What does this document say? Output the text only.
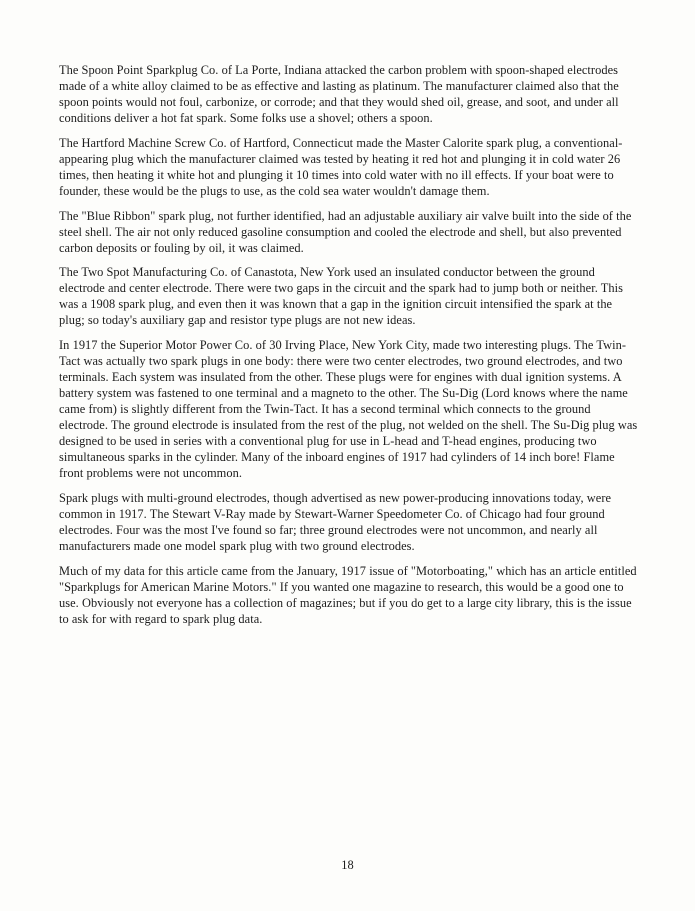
The Spoon Point Sparkplug Co. of La Porte, Indiana attacked the carbon problem with spoon-shaped electrodes made of a white alloy claimed to be as effective and lasting as platinum. The manufacturer claimed also that the spoon points would not foul, carbonize, or corrode; and that they would shed oil, grease, and soot, and under all conditions deliver a hot fat spark. Some folks use a shovel; others a spoon.

The Hartford Machine Screw Co. of Hartford, Connecticut made the Master Calorite spark plug, a conventional-appearing plug which the manufacturer claimed was tested by heating it red hot and plunging it in cold water 26 times, then heating it white hot and plunging it 10 times into cold water with no ill effects. If your boat were to founder, these would be the plugs to use, as the cold sea water wouldn't damage them.

The "Blue Ribbon" spark plug, not further identified, had an adjustable auxiliary air valve built into the side of the steel shell. The air not only reduced gasoline consumption and cooled the electrode and shell, but also prevented carbon deposits or fouling by oil, it was claimed.

The Two Spot Manufacturing Co. of Canastota, New York used an insulated conductor between the ground electrode and center electrode. There were two gaps in the circuit and the spark had to jump both or neither. This was a 1908 spark plug, and even then it was known that a gap in the ignition circuit intensified the spark at the plug; so today's auxiliary gap and resistor type plugs are not new ideas.

In 1917 the Superior Motor Power Co. of 30 Irving Place, New York City, made two interesting plugs. The Twin-Tact was actually two spark plugs in one body: there were two center electrodes, two ground electrodes, and two terminals. Each system was insulated from the other. These plugs were for engines with dual ignition systems. A battery system was fastened to one terminal and a magneto to the other. The Su-Dig (Lord knows where the name came from) is slightly different from the Twin-Tact. It has a second terminal which connects to the ground electrode. The ground electrode is insulated from the rest of the plug, not welded on the shell. The Su-Dig plug was designed to be used in series with a conventional plug for use in L-head and T-head engines, producing two simultaneous sparks in the cylinder. Many of the inboard engines of 1917 had cylinders of 14 inch bore! Flame front problems were not uncommon.

Spark plugs with multi-ground electrodes, though advertised as new power-producing innovations today, were common in 1917. The Stewart V-Ray made by Stewart-Warner Speedometer Co. of Chicago had four ground electrodes. Four was the most I've found so far; three ground electrodes were not uncommon, and nearly all manufacturers made one model spark plug with two ground electrodes.

Much of my data for this article came from the January, 1917 issue of "Motorboating," which has an article entitled "Sparkplugs for American Marine Motors." If you wanted one magazine to research, this would be a good one to use. Obviously not everyone has a collection of magazines; but if you do get to a large city library, this is the issue to ask for with regard to spark plug data.

18
